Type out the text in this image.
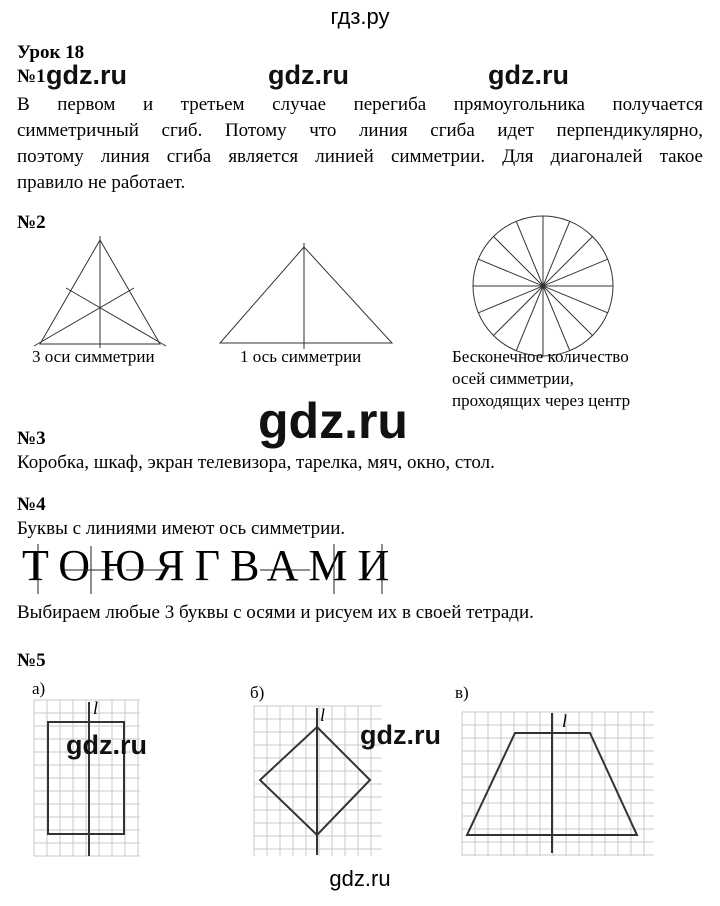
гдз.ру
Урок 18
№1 gdz.ru	gdz.ru	gdz.ru
В первом и третьем случае перегиба прямоугольника получается
симметричный сгиб. Потому что линия сгиба идет перпендикулярно,
поэтому линия сгиба является линией симметрии. Для диагоналей такое
правило не работает.
№2
3 оси симметрии	1 ось симметрии	Бесконечное количество
осей симметрии,
проходящих через центр
gdz.ru
№3
Коробка, шкаф, экран телевизора, тарелка, мяч, окно, стол.
№4
Буквы с линиями имеют ось симметрии.
ТОЮЯГВАМИ
Выбираем любые 3 буквы с осями и рисуем их в своей тетради.
№5
а)	б)	в)
l	l	l
gdz.ru	gdz.ru
gdz.ru
